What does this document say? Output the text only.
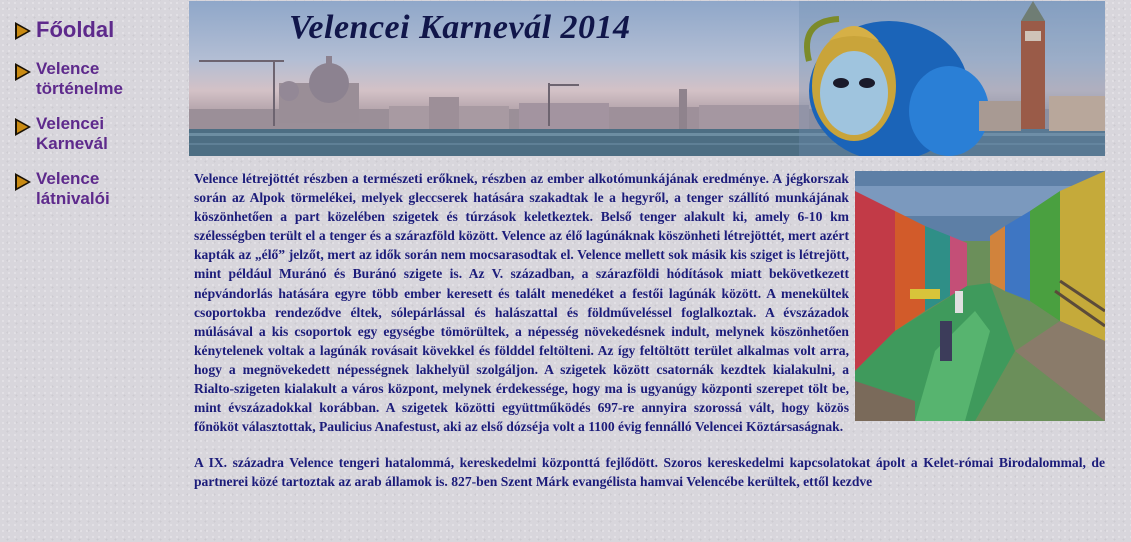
Főoldal
Velence
történelme
Velencei
Karnevál
Velence
látnivalói
Velencei Karnevál 2014

Velence létrejöttét részben a természeti erőknek, részben az ember alkotómunkájának eredménye. A jégkorszak során az Alpok törmelékei, melyek gleccserek hatására szakadtak le a hegyről, a tenger szállító munkájának köszönhetően a part közelében szigetek és túrzások keletkeztek. Belső tenger alakult ki, amely 6-10 km szélességben terült el a tenger és a szárazföld között. Velence az élő lagúnáknak köszönheti létrejöttét, mert azért kapták az „élő” jelzőt, mert az idők során nem mocsarasodtak el. Velence mellett sok másik kis sziget is létrejött, mint például Muránó és Buránó szigete is. Az V. században, a szárazföldi hódítások miatt bekövetkezett népvándorlás hatására egyre több ember keresett és talált menedéket a festői lagúnák között. A menekültek csoportokba rendeződve éltek, sólepárlással és halászattal és földműveléssel foglalkoztak. A évszázadok múlásával a kis csoportok egy egységbe tömörültek, a népesség növekedésnek indult, melynek köszönhetően kénytelenek voltak a lagúnák rovásait kövekkel és földdel feltölteni. Az így feltöltött terület alkalmas volt arra, hogy a megnövekedett népességnek lakhelyül szolgáljon. A szigetek között csatornák kezdtek kialakulni, a Rialto-szigeten kialakult a város központ, melynek érdekessége, hogy ma is ugyanúgy központi szerepet tölt be, mint évszázadokkal korábban. A szigetek közötti együttműködés 697-re annyira szorossá vált, hogy közös főnököt választottak, Paulicius Anafestust, aki az első dózséja volt a 1100 évig fennálló Velencei Köztársaságnak.

A IX. századra Velence tengeri hatalommá, kereskedelmi központtá fejlődött. Szoros kereskedelmi kapcsolatokat ápolt a Kelet-római Birodalommal, de partnerei közé tartoztak az arab államok is. 827-ben Szent Márk evangélista hamvai Velencébe kerültek, ettől kezdve
